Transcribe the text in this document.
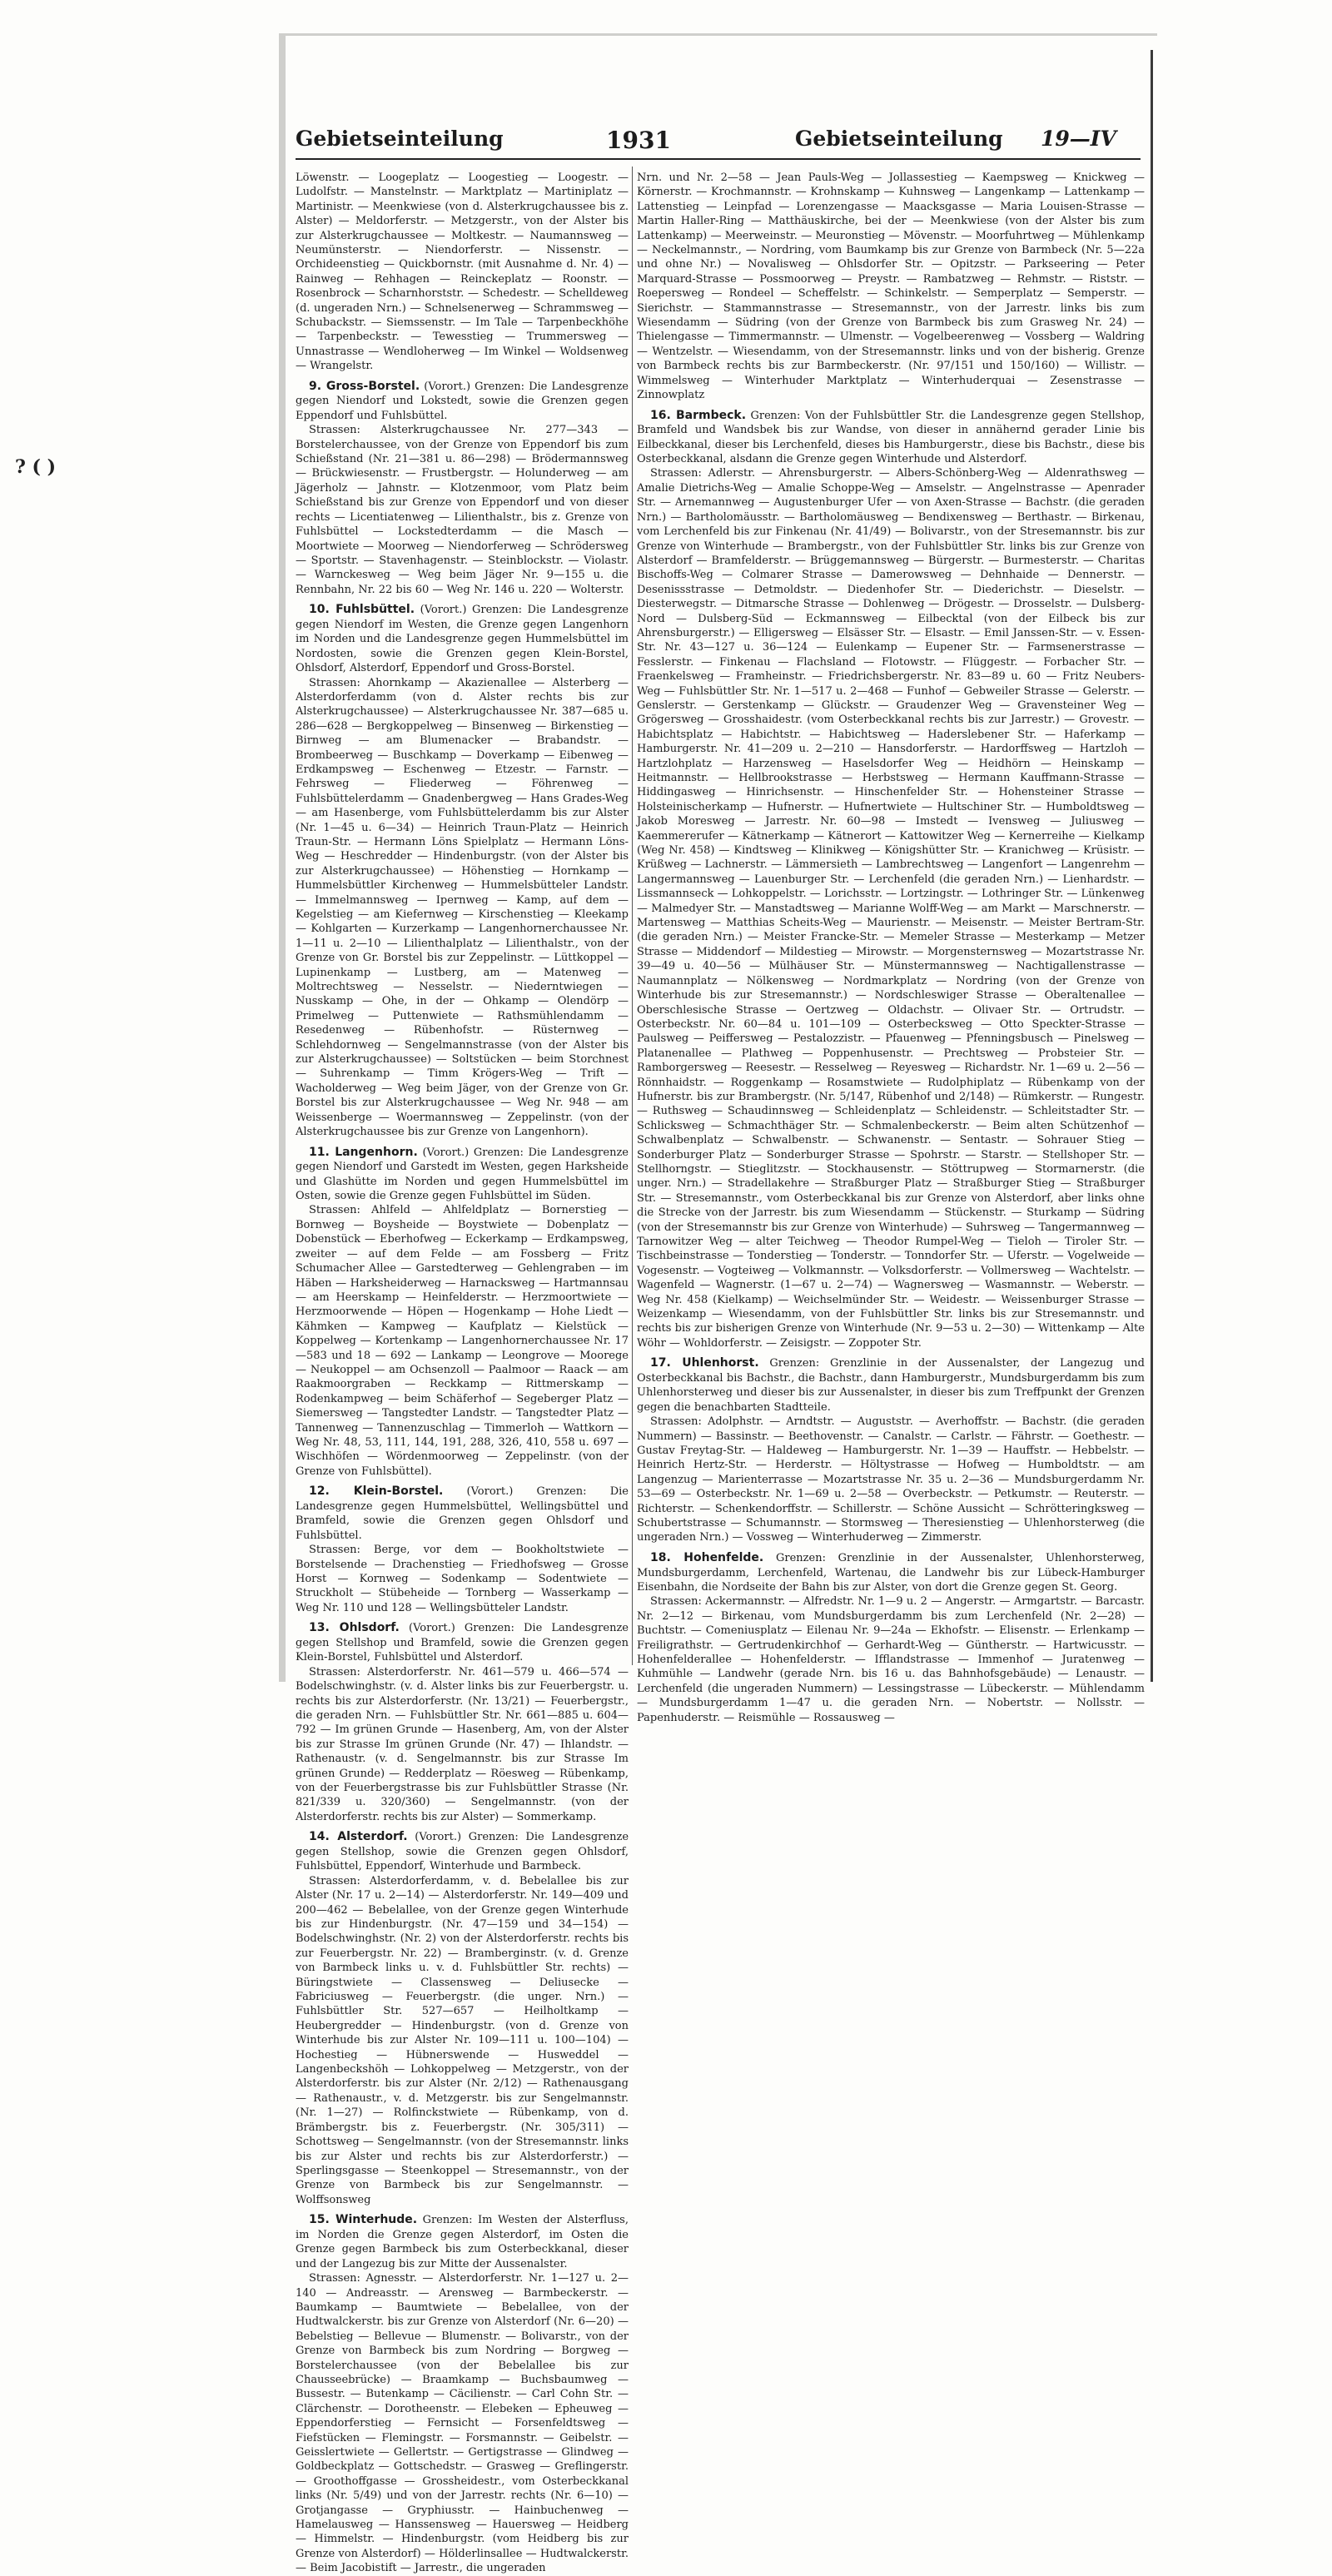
? ( )
Gebietseinteilung	1931	Gebietseinteilung 19—IV

Löwenstr. — Loogeplatz — Loogestieg — Loogestr. — Ludolfstr. — Manstelnstr. — Marktplatz — Martiniplatz — Martinistr. — Meenkwiese (von d. Alsterkrugchaussee bis z. Alster) — Meldorferstr. — Metzgerstr., von der Alster bis zur Alsterkrugchaussee — Moltkestr. — Naumannsweg — Neumünsterstr. — Niendorferstr. — Nissenstr. — Orchideenstieg — Quickbornstr. (mit Ausnahme d. Nr. 4) — Rainweg — Rehhagen — Reinckeplatz — Roonstr. — Rosenbrock — Scharnhorststr. — Schedestr. — Schelldeweg (d. ungeraden Nrn.) — Schnelsenerweg — Schrammsweg — Schubackstr. — Siemssenstr. — Im Tale — Tarpenbeckhöhe — Tarpenbeckstr. — Tewesstieg — Trummersweg — Unnastrasse — Wendloherweg — Im Winkel — Woldsenweg — Wrangelstr.

9. Gross-Borstel. (Vorort.) Grenzen: Die Landesgrenze gegen Niendorf und Lokstedt, sowie die Grenzen gegen Eppendorf und Fuhlsbüttel.

Strassen: Alsterkrugchaussee Nr. 277—343 — Borstelerchaussee, von der Grenze von Eppendorf bis zum Schießstand (Nr. 21—381 u. 86—298) — Brödermannsweg — Brückwiesenstr. — Frustbergstr. — Holunderweg — am Jägerholz — Jahnstr. — Klotzenmoor, vom Platz beim Schießstand bis zur Grenze von Eppendorf und von dieser rechts — Licentiatenweg — Lilienthalstr., bis z. Grenze von Fuhlsbüttel — Lockstedterdamm — die Masch — Moortwiete — Moorweg — Niendorferweg — Schrödersweg — Sportstr. — Stavenhagenstr. — Steinblockstr. — Violastr. — Warnckesweg — Weg beim Jäger Nr. 9—155 u. die Rennbahn, Nr. 22 bis 60 — Weg Nr. 146 u. 220 — Wolterstr.

10. Fuhlsbüttel. (Vorort.) Grenzen: Die Landesgrenze gegen Niendorf im Westen, die Grenze gegen Langenhorn im Norden und die Landesgrenze gegen Hummelsbüttel im Nordosten, sowie die Grenzen gegen Klein-Borstel, Ohlsdorf, Alsterdorf, Eppendorf und Gross-Borstel.

Strassen: Ahornkamp — Akazienallee — Alsterberg — Alsterdorferdamm (von d. Alster rechts bis zur Alsterkrugchaussee) — Alsterkrugchaussee Nr. 387—685 u. 286—628 — Bergkoppelweg — Binsenweg — Birkenstieg — Birnweg — am Blumenacker — Brabandstr. — Brombeerweg — Buschkamp — Doverkamp — Eibenweg — Erdkampsweg — Eschenweg — Etzestr. — Farnstr. — Fehrsweg — Fliederweg — Föhrenweg — Fuhlsbüttelerdamm — Gnadenbergweg — Hans Grades-Weg — am Hasenberge, vom Fuhlsbüttelerdamm bis zur Alster (Nr. 1—45 u. 6—34) — Heinrich Traun-Platz — Heinrich Traun-Str. — Hermann Löns Spielplatz — Hermann Löns-Weg — Heschredder — Hindenburgstr. (von der Alster bis zur Alsterkrugchaussee) — Höhenstieg — Hornkamp — Hummelsbüttler Kirchenweg — Hummelsbütteler Landstr. — Immelmannsweg — Ipernweg — Kamp, auf dem — Kegelstieg — am Kiefernweg — Kirschenstieg — Kleekamp — Kohlgarten — Kurzerkamp — Langenhornerchaussee Nr. 1—11 u. 2—10 — Lilienthalplatz — Lilienthalstr., von der Grenze von Gr. Borstel bis zur Zeppelinstr. — Lüttkoppel — Lupinenkamp — Lustberg, am — Matenweg — Moltrechtsweg — Nesselstr. — Niederntwiegen — Nusskamp — Ohe, in der — Ohkamp — Olendörp — Primelweg — Puttenwiete — Rathsmühlendamm — Resedenweg — Rübenhofstr. — Rüsternweg — Schlehdornweg — Sengelmannstrasse (von der Alster bis zur Alsterkrugchaussee) — Soltstücken — beim Storchnest — Suhrenkamp — Timm Krögers-Weg — Trift — Wacholderweg — Weg beim Jäger, von der Grenze von Gr. Borstel bis zur Alsterkrugchaussee — Weg Nr. 948 — am Weissenberge — Woermannsweg — Zeppelinstr. (von der Alsterkrugchaussee bis zur Grenze von Langenhorn).

11. Langenhorn. (Vorort.) Grenzen: Die Landesgrenze gegen Niendorf und Garstedt im Westen, gegen Harksheide und Glashütte im Norden und gegen Hummelsbüttel im Osten, sowie die Grenze gegen Fuhlsbüttel im Süden.

Strassen: Ahlfeld — Ahlfeldplatz — Bornerstieg — Bornweg — Boysheide — Boystwiete — Dobenplatz — Dobenstück — Eberhofweg — Eckerkamp — Erdkampsweg, zweiter — auf dem Felde — am Fossberg — Fritz Schumacher Allee — Garstedterweg — Gehlengraben — im Häben — Harksheiderweg — Harnacksweg — Hartmannsau — am Heerskamp — Heinfelderstr. — Herzmoortwiete — Herzmoorwende — Höpen — Hogenkamp — Hohe Liedt — Kähmken — Kampweg — Kaufplatz — Kielstück — Koppelweg — Kortenkamp — Langenhornerchaussee Nr. 17—583 und 18 — 692 — Lankamp — Leongrove — Moorege — Neukoppel — am Ochsenzoll — Paalmoor — Raack — am Raakmoorgraben — Reckkamp — Rittmerskamp — Rodenkampweg — beim Schäferhof — Segeberger Platz — Siemersweg — Tangstedter Landstr. — Tangstedter Platz — Tannenweg — Tannenzuschlag — Timmerloh — Wattkorn — Weg Nr. 48, 53, 111, 144, 191, 288, 326, 410, 558 u. 697 — Wischhöfen — Wördenmoorweg — Zeppelinstr. (von der Grenze von Fuhlsbüttel).

12. Klein-Borstel. (Vorort.) Grenzen: Die Landesgrenze gegen Hummelsbüttel, Wellingsbüttel und Bramfeld, sowie die Grenzen gegen Ohlsdorf und Fuhlsbüttel.

Strassen: Berge, vor dem — Bookholtstwiete — Borstelsende — Drachenstieg — Friedhofsweg — Grosse Horst — Kornweg — Sodenkamp — Sodentwiete — Struckholt — Stübeheide — Tornberg — Wasserkamp — Weg Nr. 110 und 128 — Wellingsbütteler Landstr.

13. Ohlsdorf. (Vorort.) Grenzen: Die Landesgrenze gegen Stellshop und Bramfeld, sowie die Grenzen gegen Klein-Borstel, Fuhlsbüttel und Alsterdorf.

Strassen: Alsterdorferstr. Nr. 461—579 u. 466—574 — Bodelschwinghstr. (v. d. Alster links bis zur Feuerbergstr. u. rechts bis zur Alsterdorferstr. (Nr. 13/21) — Feuerbergstr., die geraden Nrn. — Fuhlsbüttler Str. Nr. 661—885 u. 604—792 — Im grünen Grunde — Hasenberg, Am, von der Alster bis zur Strasse Im grünen Grunde (Nr. 47) — Ihlandstr. — Rathenaustr. (v. d. Sengelmannstr. bis zur Strasse Im grünen Grunde) — Redderplatz — Röesweg — Rübenkamp, von der Feuerbergstrasse bis zur Fuhlsbüttler Strasse (Nr. 821/339 u. 320/360) — Sengelmannstr. (von der Alsterdorferstr. rechts bis zur Alster) — Sommerkamp.

14. Alsterdorf. (Vorort.) Grenzen: Die Landesgrenze gegen Stellshop, sowie die Grenzen gegen Ohlsdorf, Fuhlsbüttel, Eppendorf, Winterhude und Barmbeck.

Strassen: Alsterdorferdamm, v. d. Bebelallee bis zur Alster (Nr. 17 u. 2—14) — Alsterdorferstr. Nr. 149—409 und 200—462 — Bebelallee, von der Grenze gegen Winterhude bis zur Hindenburgstr. (Nr. 47—159 und 34—154) — Bodelschwinghstr. (Nr. 2) von der Alsterdorferstr. rechts bis zur Feuerbergstr. Nr. 22) — Bramberginstr. (v. d. Grenze von Barmbeck links u. v. d. Fuhlsbüttler Str. rechts) — Büringstwiete — Classensweg — Deliusecke — Fabriciusweg — Feuerbergstr. (die unger. Nrn.) — Fuhlsbüttler Str. 527—657 — Heilholtkamp — Heubergredder — Hindenburgstr. (von d. Grenze von Winterhude bis zur Alster Nr. 109—111 u. 100—104) — Hochestieg — Hübnerswende — Husweddel — Langenbeckshöh — Lohkoppelweg — Metzgerstr., von der Alsterdorferstr. bis zur Alster (Nr. 2/12) — Rathenausgang — Rathenaustr., v. d. Metzgerstr. bis zur Sengelmannstr. (Nr. 1—27) — Rolfinckstwiete — Rübenkamp, von d. Brämbergstr. bis z. Feuerbergstr. (Nr. 305/311) — Schottsweg — Sengelmannstr. (von der Stresemannstr. links bis zur Alster und rechts bis zur Alsterdorferstr.) — Sperlingsgasse — Steenkoppel — Stresemannstr., von der Grenze von Barmbeck bis zur Sengelmannstr. — Wolffsonsweg

15. Winterhude. Grenzen: Im Westen der Alsterfluss, im Norden die Grenze gegen Alsterdorf, im Osten die Grenze gegen Barmbeck bis zum Osterbeckkanal, dieser und der Langezug bis zur Mitte der Aussenalster.

Strassen: Agnesstr. — Alsterdorferstr. Nr. 1—127 u. 2—140 — Andreasstr. — Arensweg — Barmbeckerstr. — Baumkamp — Baumtwiete — Bebelallee, von der Hudtwalckerstr. bis zur Grenze von Alsterdorf (Nr. 6—20) — Bebelstieg — Bellevue — Blumenstr. — Bolivarstr., von der Grenze von Barmbeck bis zum Nordring — Borgweg — Borstelerchaussee (von der Bebelallee bis zur Chausseebrücke) — Braamkamp — Buchsbaumweg — Bussestr. — Butenkamp — Cäcilienstr. — Carl Cohn Str. — Clärchenstr. — Dorotheenstr. — Elebeken — Epheuweg — Eppendorferstieg — Fernsicht — Forsenfeldtsweg — Fiefstücken — Flemingstr. — Forsmannstr. — Geibelstr. — Geisslertwiete — Gellertstr. — Gertigstrasse — Glindweg — Goldbeckplatz — Gottschedstr. — Grasweg — Greflingerstr. — Groothoffgasse — Grossheidestr., vom Osterbeckkanal links (Nr. 5/49) und von der Jarrestr. rechts (Nr. 6—10) — Grotjangasse — Gryphiusstr. — Hainbuchenweg — Hamelausweg — Hanssensweg — Hauersweg — Heidberg — Himmelstr. — Hindenburgstr. (vom Heidberg bis zur Grenze von Alsterdorf) — Hölderlinsallee — Hudtwalckerstr. — Beim Jacobistift — Jarrestr., die ungeraden

Nrn. und Nr. 2—58 — Jean Pauls-Weg — Jollassestieg — Kaempsweg — Knickweg — Körnerstr. — Krochmannstr. — Krohnskamp — Kuhnsweg — Langenkamp — Lattenkamp — Lattenstieg — Leinpfad — Lorenzengasse — Maacksgasse — Maria Louisen-Strasse — Martin Haller-Ring — Matthäuskirche, bei der — Meenkwiese (von der Alster bis zum Lattenkamp) — Meerweinstr. — Meuronstieg — Mövenstr. — Moorfuhrtweg — Mühlenkamp — Neckelmannstr., — Nordring, vom Baumkamp bis zur Grenze von Barmbeck (Nr. 5—22a und ohne Nr.) — Novalisweg — Ohlsdorfer Str. — Opitzstr. — Parkseering — Peter Marquard-Strasse — Possmoorweg — Preystr. — Rambatzweg — Rehmstr. — Riststr. — Roepersweg — Rondeel — Scheffelstr. — Schinkelstr. — Semperplatz — Semperstr. — Sierichstr. — Stammannstrasse — Stresemannstr., von der Jarrestr. links bis zum Wiesendamm — Südring (von der Grenze von Barmbeck bis zum Grasweg Nr. 24) — Thielengasse — Timmermannstr. — Ulmenstr. — Vogelbeerenweg — Vossberg — Waldring — Wentzelstr. — Wiesendamm, von der Stresemannstr. links und von der bisherig. Grenze von Barmbeck rechts bis zur Barmbeckerstr. (Nr. 97/151 und 150/160) — Willistr. — Wimmelsweg — Winterhuder Marktplatz — Winterhuderquai — Zesenstrasse — Zinnowplatz

16. Barmbeck. Grenzen: Von der Fuhlsbüttler Str. die Landesgrenze gegen Stellshop, Bramfeld und Wandsbek bis zur Wandse, von dieser in annähernd gerader Linie bis Eilbeckkanal, dieser bis Lerchenfeld, dieses bis Hamburgerstr., diese bis Bachstr., diese bis Osterbeckkanal, alsdann die Grenze gegen Winterhude und Alsterdorf.

Strassen: Adlerstr. — Ahrensburgerstr. — Albers-Schönberg-Weg — Aldenrathsweg — Amalie Dietrichs-Weg — Amalie Schoppe-Weg — Amselstr. — Angelnstrasse — Apenrader Str. — Arnemannweg — Augustenburger Ufer — von Axen-Strasse — Bachstr. (die geraden Nrn.) — Bartholomäusstr. — Bartholomäusweg — Bendixensweg — Berthastr. — Birkenau, vom Lerchenfeld bis zur Finkenau (Nr. 41/49) — Bolivarstr., von der Stresemannstr. bis zur Grenze von Winterhude — Brambergstr., von der Fuhlsbüttler Str. links bis zur Grenze von Alsterdorf — Bramfelderstr. — Brüggemannsweg — Bürgerstr. — Burmesterstr. — Charitas Bischoffs-Weg — Colmarer Strasse — Damerowsweg — Dehnhaide — Dennerstr. — Desenissstrasse — Detmoldstr. — Diedenhofer Str. — Diederichstr. — Dieselstr. — Diesterwegstr. — Ditmarsche Strasse — Dohlenweg — Drögestr. — Drosselstr. — Dulsberg-Nord — Dulsberg-Süd — Eckmannsweg — Eilbecktal (von der Eilbeck bis zur Ahrensburgerstr.) — Elligersweg — Elsässer Str. — Elsastr. — Emil Janssen-Str. — v. Essen-Str. Nr. 43—127 u. 36—124 — Eulenkamp — Eupener Str. — Farmsenerstrasse — Fesslerstr. — Finkenau — Flachsland — Flotowstr. — Flüggestr. — Forbacher Str. — Fraenkelsweg — Framheinstr. — Friedrichsbergerstr. Nr. 83—89 u. 60 — Fritz Neubers-Weg — Fuhlsbüttler Str. Nr. 1—517 u. 2—468 — Funhof — Gebweiler Strasse — Gelerstr. — Genslerstr. — Gerstenkamp — Glückstr. — Graudenzer Weg — Gravensteiner Weg — Grögersweg — Grosshaidestr. (vom Osterbeckkanal rechts bis zur Jarrestr.) — Grovestr. — Habichtsplatz — Habichtstr. — Habichtsweg — Haderslebener Str. — Haferkamp — Hamburgerstr. Nr. 41—209 u. 2—210 — Hansdorferstr. — Hardorffsweg — Hartzloh — Hartzlohplatz — Harzensweg — Haselsdorfer Weg — Heidhörn — Heinskamp — Heitmannstr. — Hellbrookstrasse — Herbstsweg — Hermann Kauffmann-Strasse — Hiddingasweg — Hinrichsenstr. — Hinschenfelder Str. — Hohensteiner Strasse — Holsteinischerkamp — Hufnerstr. — Hufnertwiete — Hultschiner Str. — Humboldtsweg — Jakob Moresweg — Jarrestr. Nr. 60—98 — Imstedt — Ivensweg — Juliusweg — Kaemmererufer — Kätnerkamp — Kätnerort — Kattowitzer Weg — Kernerreihe — Kielkamp (Weg Nr. 458) — Kindtsweg — Klinikweg — Königshütter Str. — Kranichweg — Krüsistr. — Krüßweg — Lachnerstr. — Lämmersieth — Lambrechtsweg — Langenfort — Langenrehm — Langermannsweg — Lauenburger Str. — Lerchenfeld (die geraden Nrn.) — Lienhardstr. — Lissmannseck — Lohkoppelstr. — Lorichsstr. — Lortzingstr. — Lothringer Str. — Lünkenweg — Malmedyer Str. — Manstadtsweg — Marianne Wolff-Weg — am Markt — Marschnerstr. — Martensweg — Matthias Scheits-Weg — Maurienstr. — Meisenstr. — Meister Bertram-Str. (die geraden Nrn.) — Meister Francke-Str. — Memeler Strasse — Mesterkamp — Metzer Strasse — Middendorf — Mildestieg — Mirowstr. — Morgensternsweg — Mozartstrasse Nr. 39—49 u. 40—56 — Mülhäuser Str. — Münstermannsweg — Nachtigallenstrasse — Naumannplatz — Nölkensweg — Nordmarkplatz — Nordring (von der Grenze von Winterhude bis zur Stresemannstr.) — Nordschleswiger Strasse — Oberaltenallee — Oberschlesische Strasse — Oertzweg — Oldachstr. — Olivaer Str. — Ortrudstr. — Osterbeckstr. Nr. 60—84 u. 101—109 — Osterbecksweg — Otto Speckter-Strasse — Paulsweg — Peiffersweg — Pestalozzistr. — Pfauenweg — Pfenningsbusch — Pinelsweg — Platanenallee — Plathweg — Poppenhusenstr. — Prechtsweg — Probsteier Str. — Ramborgersweg — Reesestr. — Resselweg — Reyesweg — Richardstr. Nr. 1—69 u. 2—56 — Rönnhaidstr. — Roggenkamp — Rosamstwiete — Rudolphiplatz — Rübenkamp von der Hufnerstr. bis zur Brambergstr. (Nr. 5/147, Rübenhof und 2/148) — Rümkerstr. — Rungestr. — Ruthsweg — Schaudinnsweg — Schleidenplatz — Schleidenstr. — Schleitstadter Str. — Schlicksweg — Schmachthäger Str. — Schmalenbeckerstr. — Beim alten Schützenhof — Schwalbenplatz — Schwalbenstr. — Schwanenstr. — Sentastr. — Sohrauer Stieg — Sonderburger Platz — Sonderburger Strasse — Spohrstr. — Starstr. — Stellshoper Str. — Stellhorngstr. — Stieglitzstr. — Stockhausenstr. — Stöttrupweg — Stormarnerstr. (die unger. Nrn.) — Stradellakehre — Straßburger Platz — Straßburger Stieg — Straßburger Str. — Stresemannstr., vom Osterbeckkanal bis zur Grenze von Alsterdorf, aber links ohne die Strecke von der Jarrestr. bis zum Wiesendamm — Stückenstr. — Sturkamp — Südring (von der Stresemannstr bis zur Grenze von Winterhude) — Suhrsweg — Tangermannweg — Tarnowitzer Weg — alter Teichweg — Theodor Rumpel-Weg — Tieloh — Tiroler Str. — Tischbeinstrasse — Tonderstieg — Tonderstr. — Tonndorfer Str. — Uferstr. — Vogelweide — Vogesenstr. — Vogteiweg — Volkmannstr. — Volksdorferstr. — Vollmersweg — Wachtelstr. — Wagenfeld — Wagnerstr. (1—67 u. 2—74) — Wagnersweg — Wasmannstr. — Weberstr. — Weg Nr. 458 (Kielkamp) — Weichselmünder Str. — Weidestr. — Weissenburger Strasse — Weizenkamp — Wiesendamm, von der Fuhlsbüttler Str. links bis zur Stresemannstr. und rechts bis zur bisherigen Grenze von Winterhude (Nr. 9—53 u. 2—30) — Wittenkamp — Alte Wöhr — Wohldorferstr. — Zeisigstr. — Zoppoter Str.

17. Uhlenhorst. Grenzen: Grenzlinie in der Aussenalster, der Langezug und Osterbeckkanal bis Bachstr., die Bachstr., dann Hamburgerstr., Mundsburgerdamm bis zum Uhlenhorsterweg und dieser bis zur Aussenalster, in dieser bis zum Treffpunkt der Grenzen gegen die benachbarten Stadtteile.

Strassen: Adolphstr. — Arndtstr. — Auguststr. — Averhoffstr. — Bachstr. (die geraden Nummern) — Bassinstr. — Beethovenstr. — Canalstr. — Carlstr. — Fährstr. — Goethestr. — Gustav Freytag-Str. — Haldeweg — Hamburgerstr. Nr. 1—39 — Hauffstr. — Hebbelstr. — Heinrich Hertz-Str. — Herderstr. — Höltystrasse — Hofweg — Humboldtstr. — am Langenzug — Marienterrasse — Mozartstrasse Nr. 35 u. 2—36 — Mundsburgerdamm Nr. 53—69 — Osterbeckstr. Nr. 1—69 u. 2—58 — Overbeckstr. — Petkumstr. — Reuterstr. — Richterstr. — Schenkendorffstr. — Schillerstr. — Schöne Aussicht — Schrötteringksweg — Schubertstrasse — Schumannstr. — Stormsweg — Theresienstieg — Uhlenhorsterweg (die ungeraden Nrn.) — Vossweg — Winterhuderweg — Zimmerstr.

18. Hohenfelde. Grenzen: Grenzlinie in der Aussenalster, Uhlenhorsterweg, Mundsburgerdamm, Lerchenfeld, Wartenau, die Landwehr bis zur Lübeck-Hamburger Eisenbahn, die Nordseite der Bahn bis zur Alster, von dort die Grenze gegen St. Georg.

Strassen: Ackermannstr. — Alfredstr. Nr. 1—9 u. 2 — Angerstr. — Armgartstr. — Barcastr. Nr. 2—12 — Birkenau, vom Mundsburgerdamm bis zum Lerchenfeld (Nr. 2—28) — Buchtstr. — Comeniusplatz — Eilenau Nr. 9—24a — Ekhofstr. — Elisenstr. — Erlenkamp — Freiligrathstr. — Gertrudenkirchhof — Gerhardt-Weg — Güntherstr. — Hartwicusstr. — Hohenfelderallee — Hohenfelderstr. — Ifflandstrasse — Immenhof — Juratenweg — Kuhmühle — Landwehr (gerade Nrn. bis 16 u. das Bahnhofsgebäude) — Lenaustr. — Lerchenfeld (die ungeraden Nummern) — Lessingstrasse — Lübeckerstr. — Mühlendamm — Mundsburgerdamm 1—47 u. die geraden Nrn. — Nobertstr. — Nollsstr. — Papenhuderstr. — Reismühle — Rossausweg —
